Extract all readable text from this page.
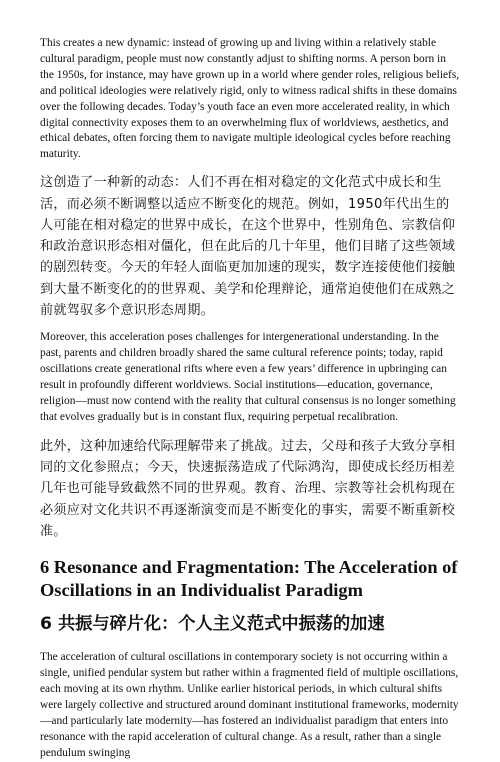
This creates a new dynamic: instead of growing up and living within a relatively stable cultural paradigm, people must now constantly adjust to shifting norms. A person born in the 1950s, for instance, may have grown up in a world where gender roles, religious beliefs, and political ideologies were relatively rigid, only to witness radical shifts in these domains over the following decades. Today’s youth face an even more accelerated reality, in which digital connectivity exposes them to an overwhelming flux of worldviews, aesthetics, and ethical debates, often forcing them to navigate multiple ideological cycles before reaching maturity.

这创造了一种新的动态：人们不再在相对稳定的文化范式中成长和生活，而必须不断调整以适应不断变化的规范。例如，1950年代出生的人可能在相对稳定的世界中成长，在这个世界中，性别角色、宗教信仰和政治意识形态相对僵化，但在此后的几十年里，他们目睹了这些领域的剧烈转变。今天的年轻人面临更加加速的现实，数字连接使他们接触到大量不断变化的的世界观、美学和伦理辩论，通常迫使他们在成熟之前就驾驭多个意识形态周期。

Moreover, this acceleration poses challenges for intergenerational understanding. In the past, parents and children broadly shared the same cultural reference points; today, rapid oscillations create generational rifts where even a few years’ difference in upbringing can result in profoundly different worldviews. Social institutions—education, governance, religion—must now contend with the reality that cultural consensus is no longer something that evolves gradually but is in constant flux, requiring perpetual recalibration.

此外，这种加速给代际理解带来了挑战。过去，父母和孩子大致分享相同的文化参照点；今天，快速振荡造成了代际鸿沟，即使成长经历相差几年也可能导致截然不同的世界观。教育、治理、宗教等社会机构现在必须应对文化共识不再逐渐演变而是不断变化的事实，需要不断重新校准。

6 Resonance and Fragmentation: The Acceleration of Oscillations in an Individualist Paradigm
6 共振与碎片化：个人主义范式中振荡的加速

The acceleration of cultural oscillations in contemporary society is not occurring within a single, unified pendular system but rather within a fragmented field of multiple oscillations, each moving at its own rhythm. Unlike earlier historical periods, in which cultural shifts were largely collective and structured around dominant institutional frameworks, modernity—and particularly late modernity—has fostered an individualist paradigm that enters into resonance with the rapid acceleration of cultural change. As a result, rather than a single pendulum swinging
